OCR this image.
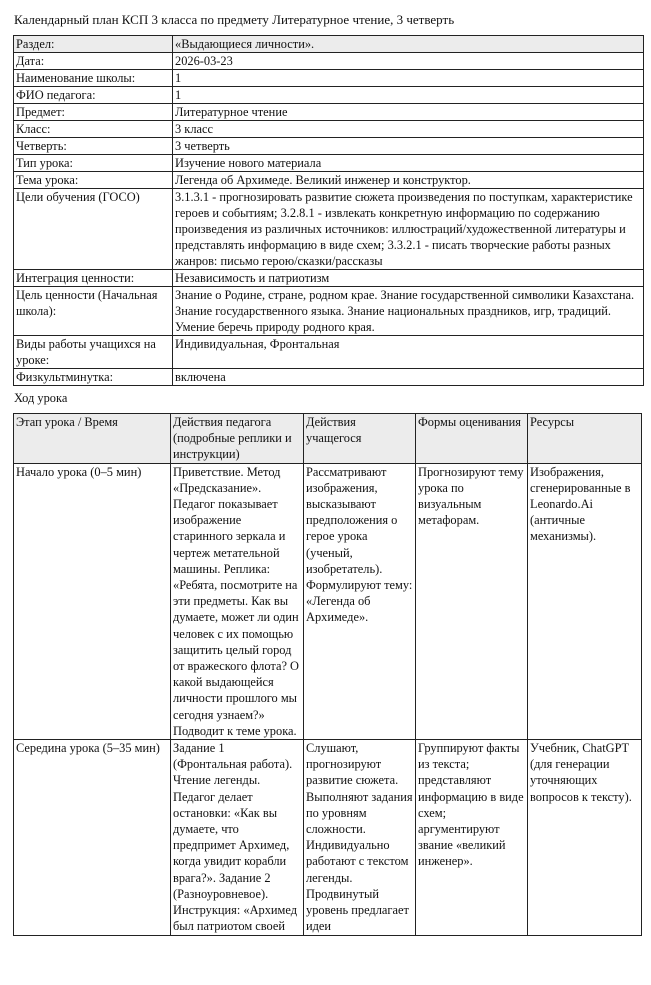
Календарный план КСП 3 класса по предмету Литературное чтение, 3 четверть
Раздел:	«Выдающиеся личности».
Дата:	2026-03-23
Наименование школы:	1
ФИО педагога:	1
Предмет:	Литературное чтение
Класс:	3 класс
Четверть:	3 четверть
Тип урока:	Изучение нового материала
Тема урока:	Легенда об Архимеде. Великий инженер и конструктор.
Цели обучения (ГОСО)	3.1.3.1 - прогнозировать развитие сюжета произведения по поступкам, характеристике героев и событиям; 3.2.8.1 - извлекать конкретную информацию по содержанию произведения из различных источников: иллюстраций/художественной литературы и представлять информацию в виде схем; 3.3.2.1 - писать творческие работы разных жанров: письмо герою/сказки/рассказы
Интеграция ценности:	Независимость и патриотизм
Цель ценности (Начальная школа):	Знание о Родине, стране, родном крае. Знание государственной символики Казахстана. Знание государственного языка. Знание национальных праздников, игр, традиций. Умение беречь природу родного края.
Виды работы учащихся на уроке:	Индивидуальная, Фронтальная
Физкультминутка:	включена
Ход урока
Этап урока / Время	Действия педагога (подробные реплики и инструкции)	Действия учащегося	Формы оценивания	Ресурсы
Начало урока (0–5 мин)	Приветствие. Метод «Предсказание». Педагог показывает изображение старинного зеркала и чертеж метательной машины. Реплика: «Ребята, посмотрите на эти предметы. Как вы думаете, может ли один человек с их помощью защитить целый город от вражеского флота? О какой выдающейся личности прошлого мы сегодня узнаем?» Подводит к теме урока.	Рассматривают изображения, высказывают предположения о герое урока (ученый, изобретатель). Формулируют тему: «Легенда об Архимеде».	Прогнозируют тему урока по визуальным метафорам.	Изображения, сгенерированные в Leonardo.Ai (античные механизмы).
Середина урока (5–35 мин)	Задание 1 (Фронтальная работа). Чтение легенды. Педагог делает остановки: «Как вы думаете, что предпримет Архимед, когда увидит корабли врага?». Задание 2 (Разноуровневое). Инструкция: «Архимед был патриотом своей	Слушают, прогнозируют развитие сюжета. Выполняют задания по уровням сложности. Индивидуально работают с текстом легенды. Продвинутый уровень предлагает идеи	Группируют факты из текста; представляют информацию в виде схем; аргументируют звание «великий инженер».	Учебник, ChatGPT (для генерации уточняющих вопросов к тексту).
